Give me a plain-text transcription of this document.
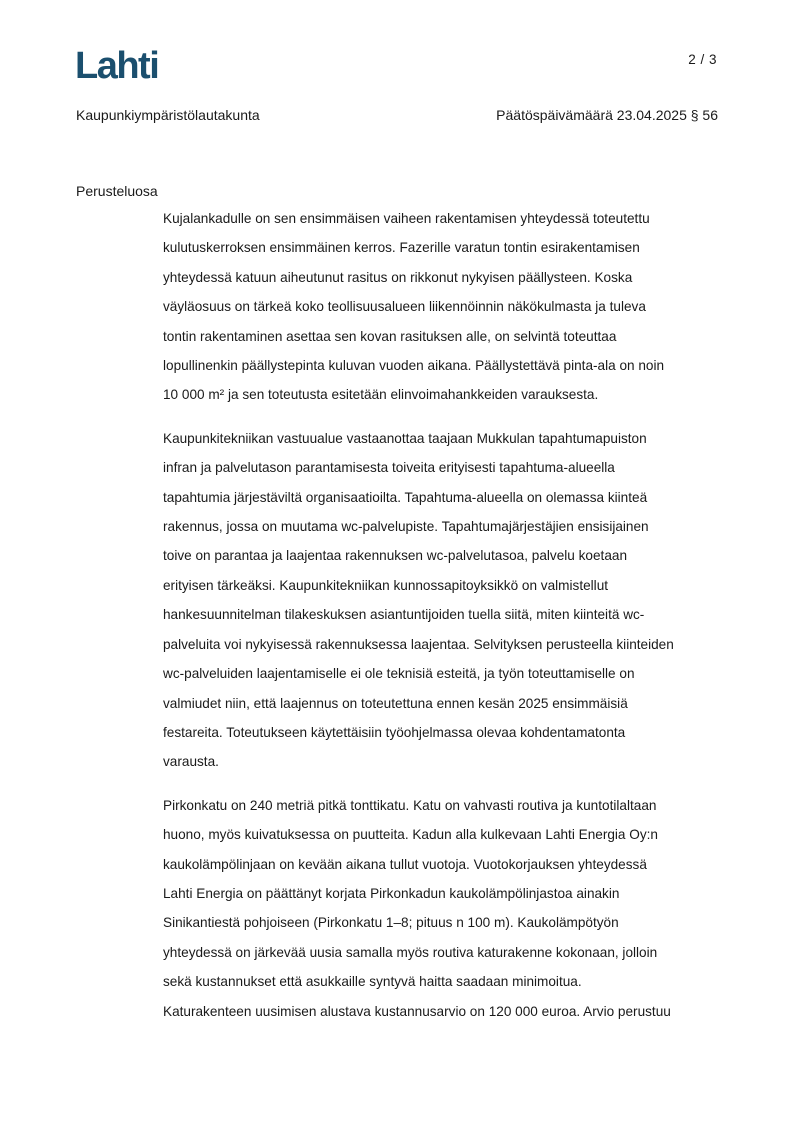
Lahti	2 / 3
Kaupunkiympäristölautakunta	Päätöspäivämäärä 23.04.2025 § 56
Perusteluosa

Kujalankadulle on sen ensimmäisen vaiheen rakentamisen yhteydessä toteutettu
kulutuskerroksen ensimmäinen kerros. Fazerille varatun tontin esirakentamisen
yhteydessä katuun aiheutunut rasitus on rikkonut nykyisen päällysteen. Koska
väyläosuus on tärkeä koko teollisuusalueen liikennöinnin näkökulmasta ja tuleva
tontin rakentaminen asettaa sen kovan rasituksen alle, on selvintä toteuttaa
lopullinenkin päällystepinta kuluvan vuoden aikana. Päällystettävä pinta-ala on noin
10 000 m² ja sen toteutusta esitetään elinvoimahankkeiden varauksesta.

Kaupunkitekniikan vastuualue vastaanottaa taajaan Mukkulan tapahtumapuiston
infran ja palvelutason parantamisesta toiveita erityisesti tapahtuma-alueella
tapahtumia järjestäviltä organisaatioilta. Tapahtuma-alueella on olemassa kiinteä
rakennus, jossa on muutama wc-palvelupiste. Tapahtumajärjestäjien ensisijainen
toive on parantaa ja laajentaa rakennuksen wc-palvelutasoa, palvelu koetaan
erityisen tärkeäksi. Kaupunkitekniikan kunnossapitoyksikkö on valmistellut
hankesuunnitelman tilakeskuksen asiantuntijoiden tuella siitä, miten kiinteitä wc-
palveluita voi nykyisessä rakennuksessa laajentaa. Selvityksen perusteella kiinteiden
wc-palveluiden laajentamiselle ei ole teknisiä esteitä, ja työn toteuttamiselle on
valmiudet niin, että laajennus on toteutettuna ennen kesän 2025 ensimmäisiä
festareita. Toteutukseen käytettäisiin työohjelmassa olevaa kohdentamatonta
varausta.

Pirkonkatu on 240 metriä pitkä tonttikatu. Katu on vahvasti routiva ja kuntotilaltaan
huono, myös kuivatuksessa on puutteita. Kadun alla kulkevaan Lahti Energia Oy:n
kaukolämpölinjaan on kevään aikana tullut vuotoja. Vuotokorjauksen yhteydessä
Lahti Energia on päättänyt korjata Pirkonkadun kaukolämpölinjastoa ainakin
Sinikantiestä pohjoiseen (Pirkonkatu 1–8; pituus n 100 m). Kaukolämpötyön
yhteydessä on järkevää uusia samalla myös routiva katurakenne kokonaan, jolloin
sekä kustannukset että asukkaille syntyvä haitta saadaan minimoitua.
Katurakenteen uusimisen alustava kustannusarvio on 120 000 euroa. Arvio perustuu
